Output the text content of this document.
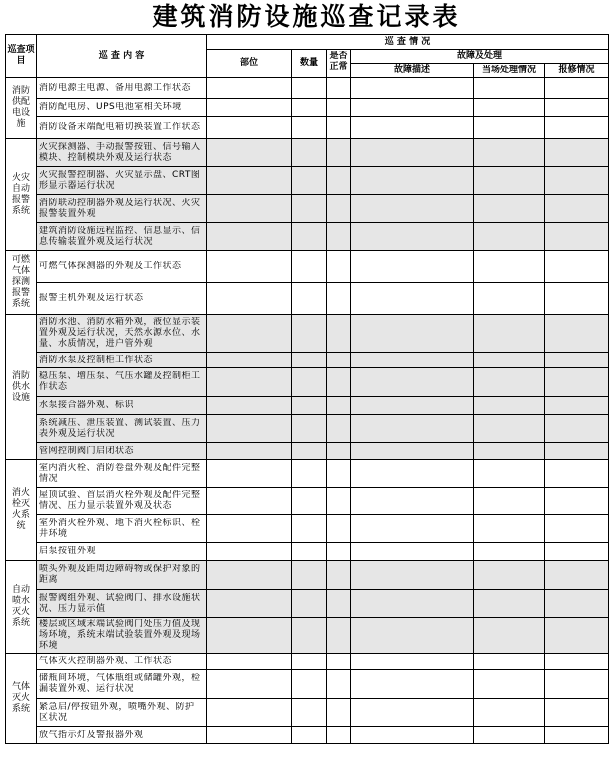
建筑消防设施巡查记录表
巡查项目	巡 查 内 容	巡 查 情 况					
		部位	数量	是否正常	故障及处理		
					故障描述	当场处理情况	报修情况
消防供配电设施	消防电源主电源、备用电源工作状态						

	消防配电房、UPS电池室相关环境						

	消防设备末端配电箱切换装置工作状态						

火灾自动报警系统	火灾探测器、手动报警按钮、信号输入模块、控制模块外观及运行状态						

	火灾报警控制器、火灾显示盘、CRT图形显示器运行状况						

	消防联动控制器外观及运行状况、火灾报警装置外观						

	建筑消防设施远程监控、信息显示、信息传输装置外观及运行状况						

可燃气体探测报警系统	可燃气体探测器的外观及工作状态						

	报警主机外观及运行状态						

消防供水设施	消防水池、消防水箱外观，液位显示装置外观及运行状况，天然水源水位、水量、水质情况，进户管外观						

	消防水泵及控制柜工作状态						

	稳压泵、增压泵、气压水罐及控制柜工作状态						

	水泵接合器外观、标识						

	系统减压、泄压装置、测试装置、压力表外观及运行状况						

	管网控制阀门启闭状态						

消火栓灭火系统	室内消火栓、消防卷盘外观及配件完整情况						

	屋顶试验、首层消火栓外观及配件完整情况、压力显示装置外观及状态						

	室外消火栓外观、地下消火栓标识、栓井环境						

	启泵按钮外观						

自动喷水灭火系统	喷头外观及距周边障碍物或保护对象的距离						

	报警阀组外观、试验阀门、排水设施状况、压力显示值						

	楼层或区域末端试验阀门处压力值及现场环境，系统末端试验装置外观及现场环境						

气体灭火系统	气体灭火控制器外观、工作状态						

	储瓶间环境，气体瓶组或储罐外观，检漏装置外观、运行状况						

	紧急启/停按钮外观，喷嘴外观、防护区状况						

	放气指示灯及警报器外观						
